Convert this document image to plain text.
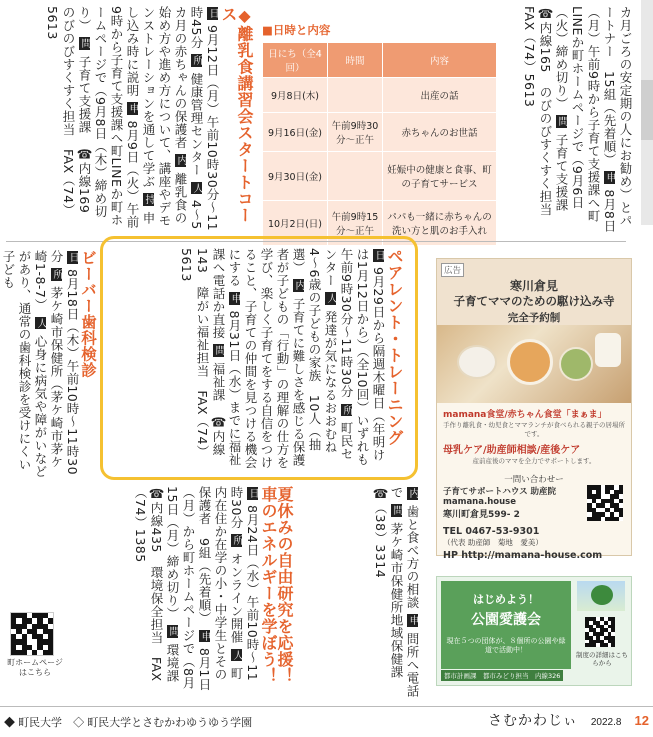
カ月ごろの安定期の人にお勧め）とパートナー　15組（先着順） 申 8月8日（月）午前9時から子育て支援課へ町LINEか町ホームページで（9月6日（火）締め切り） 問 子育て支援課　☎内線165　のびのびすくすく担当　FAX（74）5613
■日時と内容
日にち（全4回）	時間	内容
9月8日(木)		出産の話
9月16日(金)	午前9時30分〜正午	赤ちゃんのお世話
9月30日(金)		妊娠中の健康と食事、町の子育てサービス
10月2日(日)	午前9時15分〜正午	パパも一緒に赤ちゃんの洗い方と肌のお手入れ
◆離乳食講習会スタートコース
日 9月12日（月）午前10時30分〜11時45分 所 健康管理センター 人 4〜5カ月の赤ちゃんの保護者 内 離乳食の始め方や進め方について、講座やデモンストレーションを通して学ぶ 持 申し込み時に説明 申 8月9日（火）午前9時から子育て支援課へ町LINEか町ホームページで（9月8日（木）締め切り） 問 子育て支援課　☎内線169　のびのびすくすく担当　FAX（74）5613
ペアレント・トレーニング
日 9月29日から隔週木曜日（年明けは1月12日から）（全10回）いずれも午前9時30分〜11時30分 所 町民センター 人 発達が気になるおおむね4〜6歳の子どもの家族　10人（抽選） 内 子育てに難しさを感じる保護者が子どもの「行動」の理解の仕方を学び、楽しく子育てをする自信をつけること、子育ての仲間を見つける機会にする 申 8月31日（水）までに福祉課へ電話か直接 問 福祉課　☎内線143　障がい福祉担当　FAX（74）5613
ビーバー歯科検診
日 8月18日（木）午前10時〜11時30分 所 茅ケ崎市保健所（茅ケ崎市茅ケ崎1-8-7） 人 心身に病気や障がいなどがあり、通常の歯科検診を受けにくい子ども
内 歯と食べ方の相談 申 問所へ電話で 問 茅ケ崎市保健所地域保健課　☎（38）3314
夏休みの自由研究を応援！車のエネルギーを学ぼう！
日 8月24日（水）午前10時〜11時30分 所 オンライン開催 人 町内在住か在学の小・中学生とその保護者　9組（先着順） 申 8月1日（月）から町ホームページで（8月15日（月）締め切り） 問 環境課　☎内線435　環境保全担当　FAX（74）1385
町ホームページはこちら
広告
寒川倉見
子育てママのための駆け込み寺
完全予約制
mamana食堂/赤ちゃん食堂「まぁま」
手作り離乳食・幼児食とママランチが食べられる親子の居場所です。
母乳ケア/助産師相談/産後ケア
産前産後のママを全力でサポートします。
一問い合わせー
子育てサポートハウス 助産院mamana.house
寒川町倉見599- 2
TEL 0467-53-9301
（代表 助産師　菊地　愛美）
HP http://mamana-house.com
はじめよう！
公園愛護会
現在５つの団体が、８個所の公園や緑道で活動中！
制度の詳細はこちらから
都市計画課　都市みどり担当　内線326
◆ 町民大学 ◇ 町民大学とさむかわゆうゆう学園	さむかわじぃ 2022.8 12
